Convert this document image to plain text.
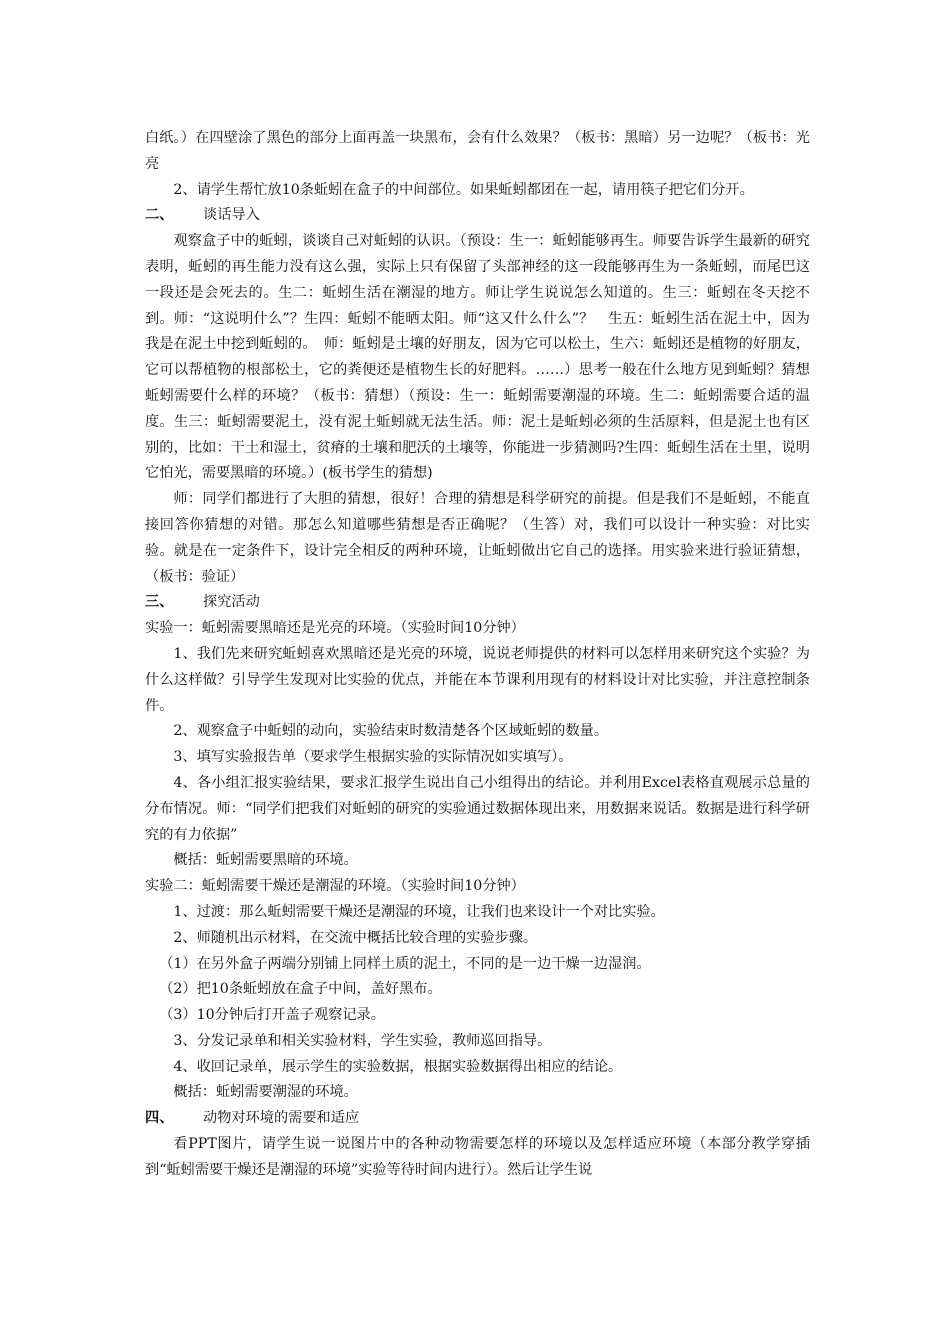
白纸。）在四壁涂了黑色的部分上面再盖一块黑布，会有什么效果？（板书：黑暗）另一边呢？（板书：光亮

2、请学生帮忙放10条蚯蚓在盒子的中间部位。如果蚯蚓都团在一起，请用筷子把它们分开。

二、 谈话导入

观察盒子中的蚯蚓，谈谈自己对蚯蚓的认识。（预设：生一：蚯蚓能够再生。师要告诉学生最新的研究表明，蚯蚓的再生能力没有这么强，实际上只有保留了头部神经的这一段能够再生为一条蚯蚓，而尾巴这一段还是会死去的。生二：蚯蚓生活在潮湿的地方。师让学生说说怎么知道的。生三：蚯蚓在冬天挖不到。师：“这说明什么”？生四：蚯蚓不能晒太阳。师“这又什么什么”？　生五：蚯蚓生活在泥土中，因为我是在泥土中挖到蚯蚓的。　师：蚯蚓是土壤的好朋友，因为它可以松土，生六：蚯蚓还是植物的好朋友，它可以帮植物的根部松土，它的粪便还是植物生长的好肥料。……）思考一般在什么地方见到蚯蚓？猜想蚯蚓需要什么样的环境？（板书：猜想）（预设：生一：蚯蚓需要潮湿的环境。生二：蚯蚓需要合适的温度。生三：蚯蚓需要泥土，没有泥土蚯蚓就无法生活。师：泥土是蚯蚓必须的生活原料，但是泥土也有区别的，比如：干土和湿土，贫瘠的土壤和肥沃的土壤等，你能进一步猜测吗?生四：蚯蚓生活在土里，说明它怕光，需要黑暗的环境。）(板书学生的猜想)

师：同学们都进行了大胆的猜想，很好！合理的猜想是科学研究的前提。但是我们不是蚯蚓，不能直接回答你猜想的对错。那怎么知道哪些猜想是否正确呢？（生答）对，我们可以设计一种实验：对比实验。就是在一定条件下，设计完全相反的两种环境，让蚯蚓做出它自己的选择。用实验来进行验证猜想，（板书：验证）

三、 探究活动

实验一：蚯蚓需要黑暗还是光亮的环境。（实验时间10分钟）

1、我们先来研究蚯蚓喜欢黑暗还是光亮的环境，说说老师提供的材料可以怎样用来研究这个实验？为什么这样做？引导学生发现对比实验的优点，并能在本节课利用现有的材料设计对比实验，并注意控制条件。

2、观察盒子中蚯蚓的动向，实验结束时数清楚各个区域蚯蚓的数量。

3、填写实验报告单（要求学生根据实验的实际情况如实填写）。

4、各小组汇报实验结果，要求汇报学生说出自己小组得出的结论。并利用Excel表格直观展示总量的分布情况。师：“同学们把我们对蚯蚓的研究的实验通过数据体现出来，用数据来说话。数据是进行科学研究的有力依据”

概括：蚯蚓需要黑暗的环境。

实验二：蚯蚓需要干燥还是潮湿的环境。（实验时间10分钟）

1、过渡：那么蚯蚓需要干燥还是潮湿的环境，让我们也来设计一个对比实验。

2、师随机出示材料，在交流中概括比较合理的实验步骤。

（1）在另外盒子两端分别铺上同样土质的泥土，不同的是一边干燥一边湿润。

（2）把10条蚯蚓放在盒子中间，盖好黑布。

（3）10分钟后打开盖子观察记录。

3、分发记录单和相关实验材料，学生实验，教师巡回指导。

4、收回记录单，展示学生的实验数据，根据实验数据得出相应的结论。

概括：蚯蚓需要潮湿的环境。

四、 动物对环境的需要和适应

看PPT图片，请学生说一说图片中的各种动物需要怎样的环境以及怎样适应环境（本部分教学穿插到“蚯蚓需要干燥还是潮湿的环境”实验等待时间内进行）。然后让学生说
